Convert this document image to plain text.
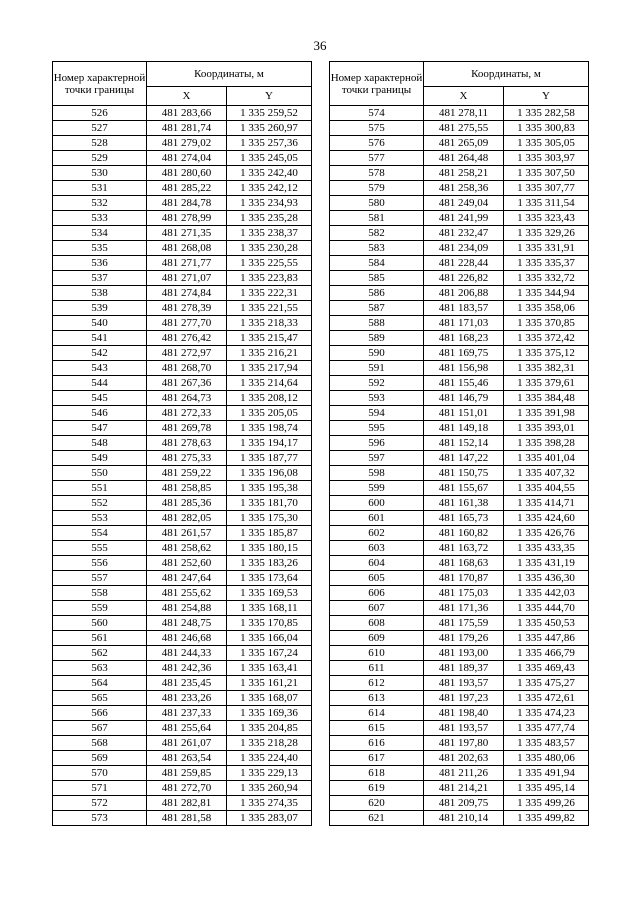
36
Номер характерной точки границы	Координаты, м	
	X	Y
526	481 283,66	1 335 259,52
527	481 281,74	1 335 260,97
528	481 279,02	1 335 257,36
529	481 274,04	1 335 245,05
530	481 280,60	1 335 242,40
531	481 285,22	1 335 242,12
532	481 284,78	1 335 234,93
533	481 278,99	1 335 235,28
534	481 271,35	1 335 238,37
535	481 268,08	1 335 230,28
536	481 271,77	1 335 225,55
537	481 271,07	1 335 223,83
538	481 274,84	1 335 222,31
539	481 278,39	1 335 221,55
540	481 277,70	1 335 218,33
541	481 276,42	1 335 215,47
542	481 272,97	1 335 216,21
543	481 268,70	1 335 217,94
544	481 267,36	1 335 214,64
545	481 264,73	1 335 208,12
546	481 272,33	1 335 205,05
547	481 269,78	1 335 198,74
548	481 278,63	1 335 194,17
549	481 275,33	1 335 187,77
550	481 259,22	1 335 196,08
551	481 258,85	1 335 195,38
552	481 285,36	1 335 181,70
553	481 282,05	1 335 175,30
554	481 261,57	1 335 185,87
555	481 258,62	1 335 180,15
556	481 252,60	1 335 183,26
557	481 247,64	1 335 173,64
558	481 255,62	1 335 169,53
559	481 254,88	1 335 168,11
560	481 248,75	1 335 170,85
561	481 246,68	1 335 166,04
562	481 244,33	1 335 167,24
563	481 242,36	1 335 163,41
564	481 235,45	1 335 161,21
565	481 233,26	1 335 168,07
566	481 237,33	1 335 169,36
567	481 255,64	1 335 204,85
568	481 261,07	1 335 218,28
569	481 263,54	1 335 224,40
570	481 259,85	1 335 229,13
571	481 272,70	1 335 260,94
572	481 282,81	1 335 274,35
573	481 281,58	1 335 283,07
Номер характерной точки границы	Координаты, м	
	X	Y
574	481 278,11	1 335 282,58
575	481 275,55	1 335 300,83
576	481 265,09	1 335 305,05
577	481 264,48	1 335 303,97
578	481 258,21	1 335 307,50
579	481 258,36	1 335 307,77
580	481 249,04	1 335 311,54
581	481 241,99	1 335 323,43
582	481 232,47	1 335 329,26
583	481 234,09	1 335 331,91
584	481 228,44	1 335 335,37
585	481 226,82	1 335 332,72
586	481 206,88	1 335 344,94
587	481 183,57	1 335 358,06
588	481 171,03	1 335 370,85
589	481 168,23	1 335 372,42
590	481 169,75	1 335 375,12
591	481 156,98	1 335 382,31
592	481 155,46	1 335 379,61
593	481 146,79	1 335 384,48
594	481 151,01	1 335 391,98
595	481 149,18	1 335 393,01
596	481 152,14	1 335 398,28
597	481 147,22	1 335 401,04
598	481 150,75	1 335 407,32
599	481 155,67	1 335 404,55
600	481 161,38	1 335 414,71
601	481 165,73	1 335 424,60
602	481 160,82	1 335 426,76
603	481 163,72	1 335 433,35
604	481 168,63	1 335 431,19
605	481 170,87	1 335 436,30
606	481 175,03	1 335 442,03
607	481 171,36	1 335 444,70
608	481 175,59	1 335 450,53
609	481 179,26	1 335 447,86
610	481 193,00	1 335 466,79
611	481 189,37	1 335 469,43
612	481 193,57	1 335 475,27
613	481 197,23	1 335 472,61
614	481 198,40	1 335 474,23
615	481 193,57	1 335 477,74
616	481 197,80	1 335 483,57
617	481 202,63	1 335 480,06
618	481 211,26	1 335 491,94
619	481 214,21	1 335 495,14
620	481 209,75	1 335 499,26
621	481 210,14	1 335 499,82
